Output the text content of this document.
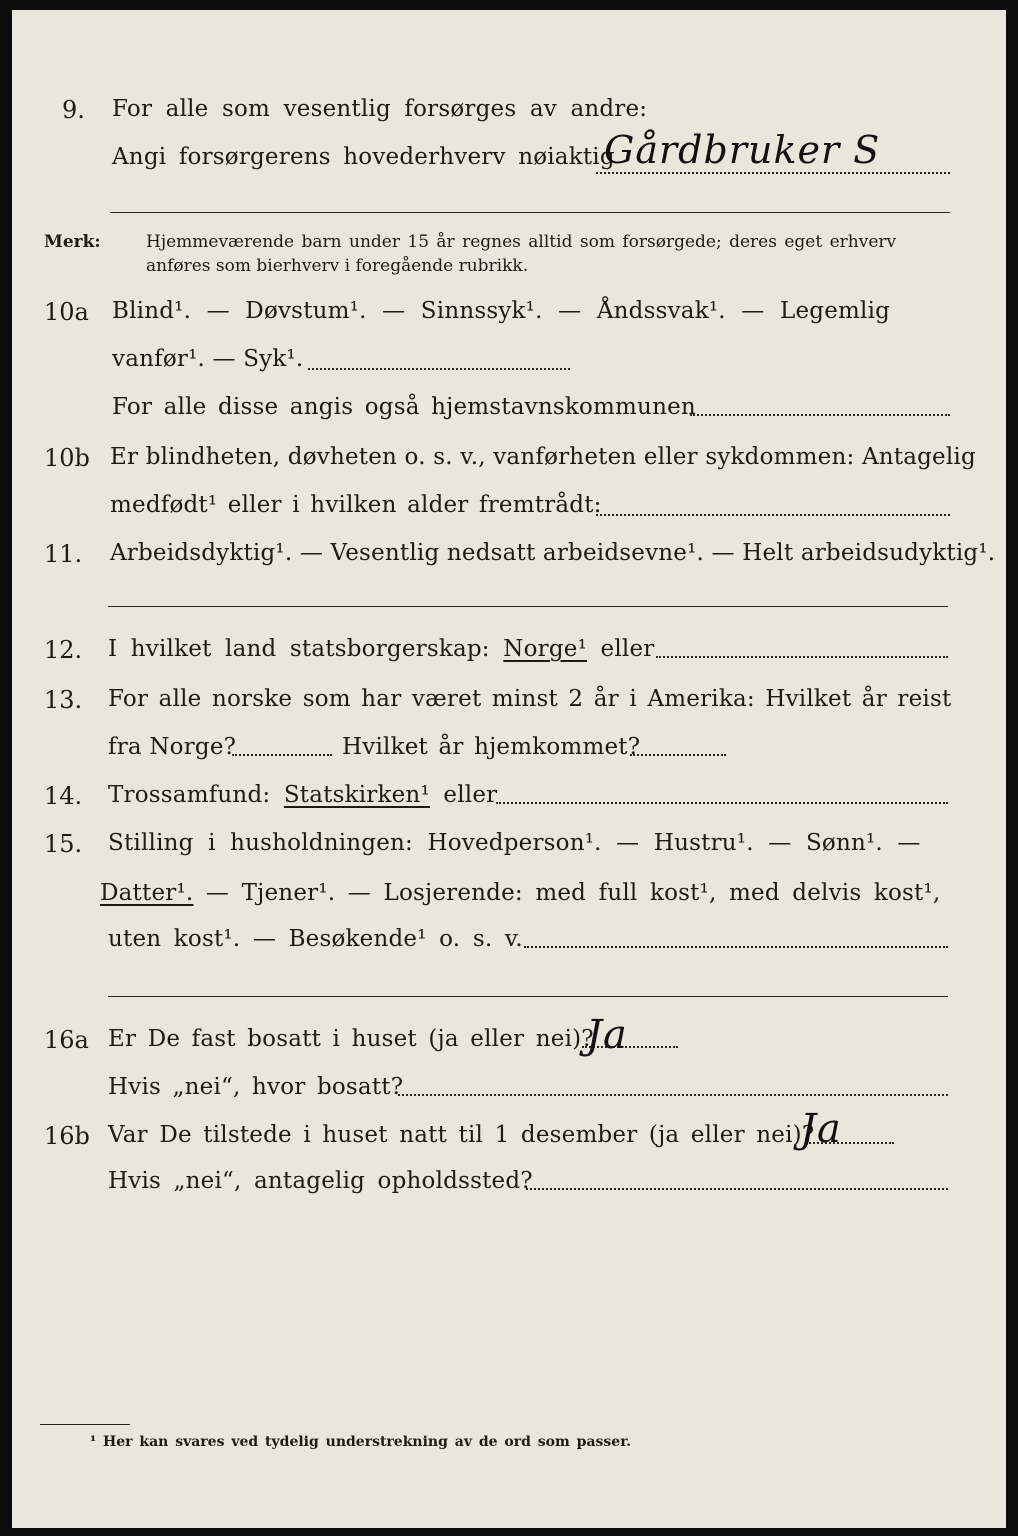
9. For alle som vesentlig forsørges av andre:
Angi forsørgerens hovederhverv nøiaktig
Gårdbruker S
Merk:	Hjemmeværende barn under 15 år regnes alltid som forsørgede; deres eget erhverv
anføres som bierhverv i foregående rubrikk.
10a Blind¹. — Døvstum¹. — Sinnssyk¹. — Åndssvak¹. — Legemlig
vanfør¹. — Syk¹.
For alle disse angis også hjemstavnskommunen
10b Er blindheten, døvheten o. s. v., vanførheten eller sykdommen: Antagelig
medfødt¹ eller i hvilken alder fremtrådt:
11. Arbeidsdyktig¹. — Vesentlig nedsatt arbeidsevne¹. — Helt arbeidsudyktig¹.
12. I hvilket land statsborgerskap: Norge¹ eller
13. For alle norske som har været minst 2 år i Amerika: Hvilket år reist
fra Norge?	Hvilket år hjemkommet?
14. Trossamfund: Statskirken¹ eller
15. Stilling i husholdningen: Hovedperson¹. — Hustru¹. — Sønn¹. —
Datter¹. — Tjener¹. — Losjerende: med full kost¹, med delvis kost¹,
uten kost¹. — Besøkende¹ o. s. v.
16a Er De fast bosatt i huset (ja eller nei)?
Ja
Hvis „nei“, hvor bosatt?
16b Var De tilstede i huset natt til 1 desember (ja eller nei)?
Ja
Hvis „nei“, antagelig opholdssted?
¹ Her kan svares ved tydelig understrekning av de ord som passer.
